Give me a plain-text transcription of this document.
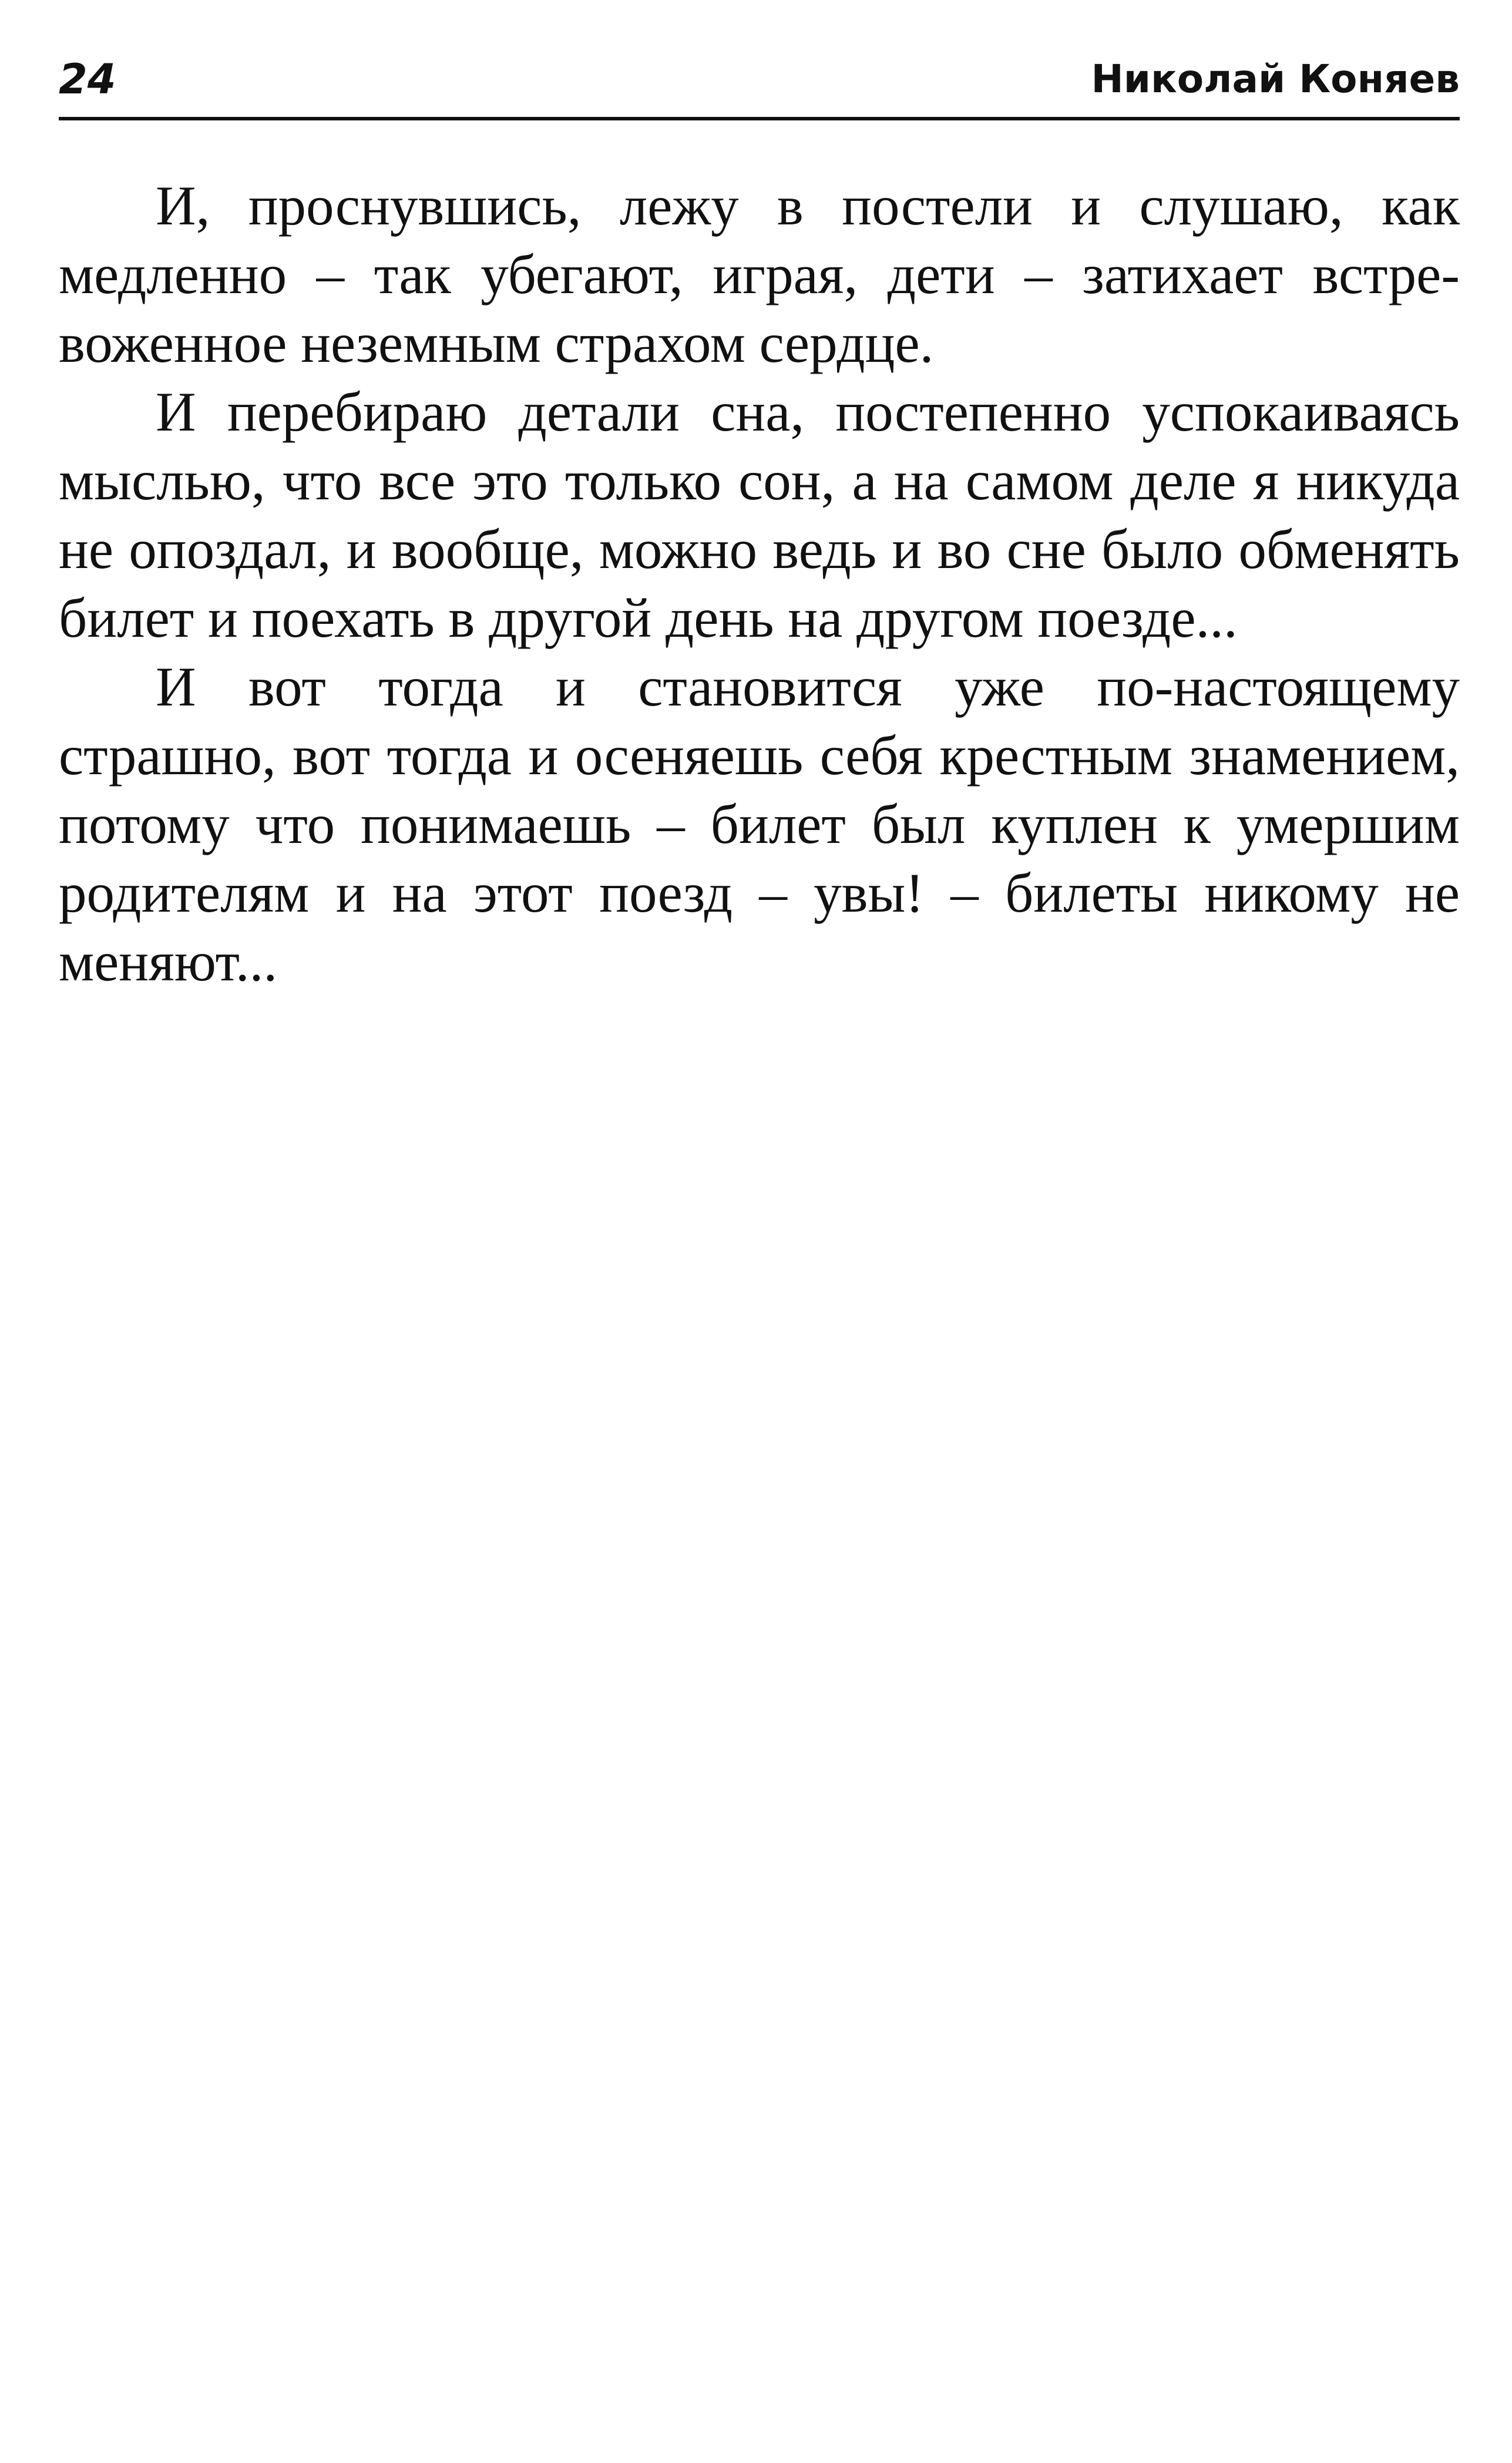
24	Николай Коняев

И, проснувшись, лежу в постели и слушаю, как медленно – так убегают, играя, дети – затихает встревоженное неземным страхом сердце.

И перебираю детали сна, постепенно успокаиваясь мыслью, что все это только сон, а на самом деле я никуда не опоздал, и вообще, можно ведь и во сне было обменять билет и поехать в другой день на другом поезде...

И вот тогда и становится уже по-настоящему страшно, вот тогда и осеняешь себя крестным знамением, потому что понимаешь – билет был куплен к умершим родителям и на этот поезд – увы! – билеты никому не меняют...
